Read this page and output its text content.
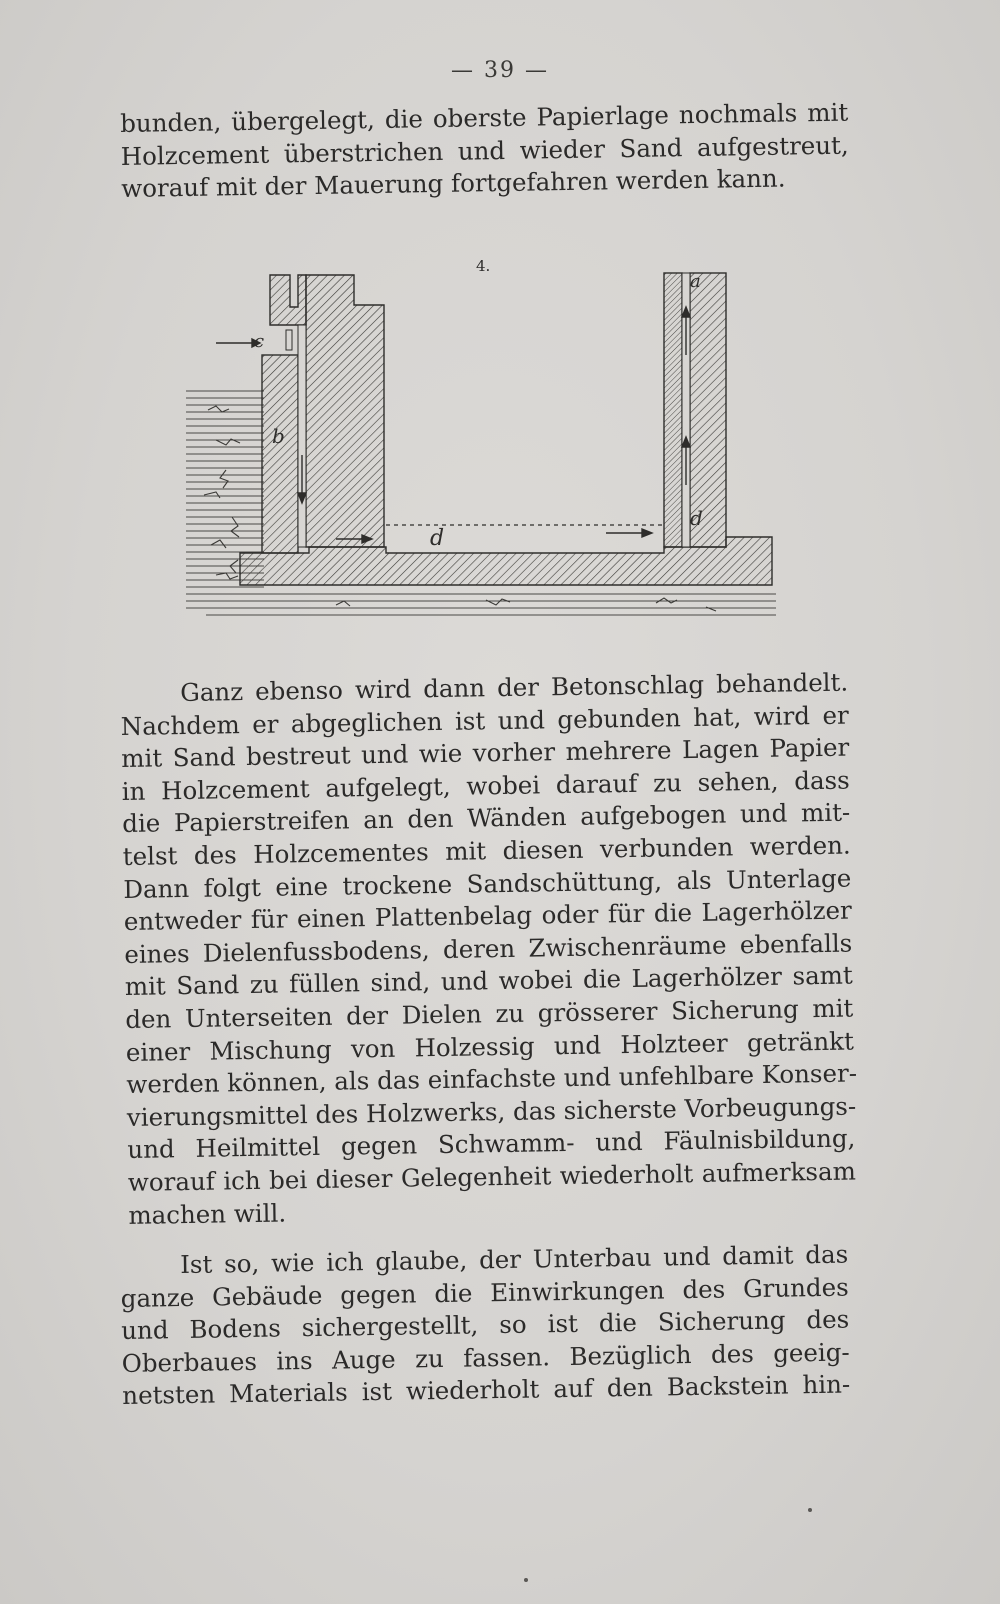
— 39 —
bunden, übergelegt, die oberste Papierlage nochmals mit
Holzcement überstrichen und wieder Sand aufgestreut,
worauf mit der Mauerung fortgefahren werden kann.
4.
c
b
d
a
d
Ganz ebenso wird dann der Betonschlag behandelt.
Nachdem er abgeglichen ist und gebunden hat, wird er
mit Sand bestreut und wie vorher mehrere Lagen Papier
in Holzcement aufgelegt, wobei darauf zu sehen, dass
die Papierstreifen an den Wänden aufgebogen und mit-
telst des Holzcementes mit diesen verbunden werden.
Dann folgt eine trockene Sandschüttung, als Unterlage
entweder für einen Plattenbelag oder für die Lagerhölzer
eines Dielenfussbodens, deren Zwischenräume ebenfalls
mit Sand zu füllen sind, und wobei die Lagerhölzer samt
den Unterseiten der Dielen zu grösserer Sicherung mit
einer Mischung von Holzessig und Holzteer getränkt
werden können, als das einfachste und unfehlbare Konser-
vierungsmittel des Holzwerks, das sicherste Vorbeugungs-
und Heilmittel gegen Schwamm- und Fäulnisbildung,
worauf ich bei dieser Gelegenheit wiederholt aufmerksam
machen will.
Ist so, wie ich glaube, der Unterbau und damit das
ganze Gebäude gegen die Einwirkungen des Grundes
und Bodens sichergestellt, so ist die Sicherung des
Oberbaues ins Auge zu fassen. Bezüglich des geeig-
netsten Materials ist wiederholt auf den Backstein hin-
